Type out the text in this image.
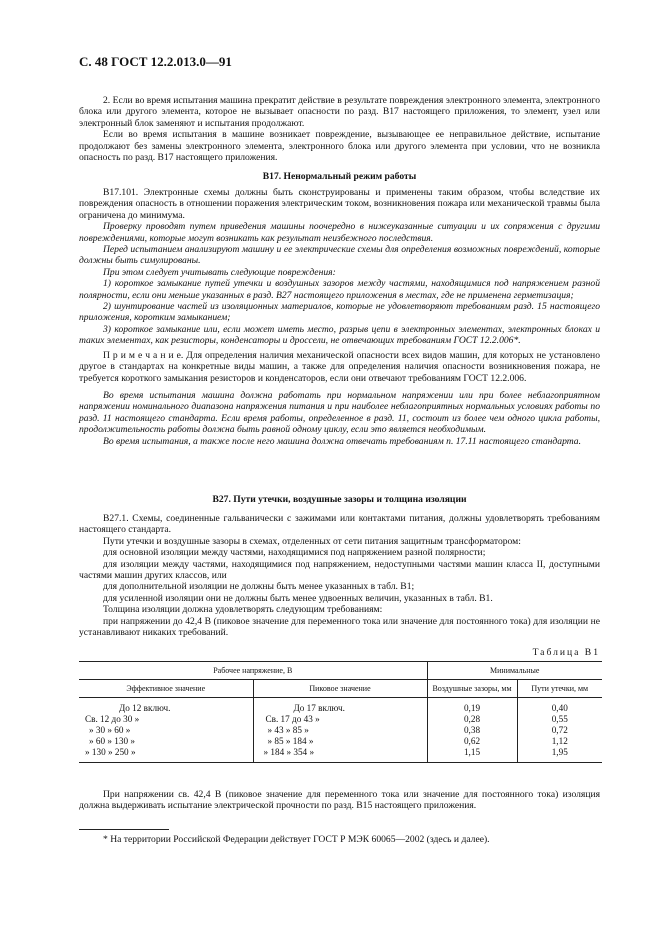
С. 48 ГОСТ 12.2.013.0—91

2. Если во время испытания машина прекратит действие в результате повреждения электронного элемента, электронного блока или другого элемента, которое не вызывает опасности по разд. В17 настоящего приложения, то элемент, узел или электронный блок заменяют и испытания продолжают.

Если во время испытания в машине возникает повреждение, вызывающее ее неправильное действие, испытание продолжают без замены электронного элемента, электронного блока или другого элемента при условии, что не возникла опасность по разд. В17 настоящего приложения.

В17. Ненормальный режим работы

В17.101. Электронные схемы должны быть сконструированы и применены таким образом, чтобы вследствие их повреждения опасность в отношении поражения электрическим током, возникновения пожара или механической травмы была ограничена до минимума.

Проверку проводят путем приведения машины поочередно в нижеуказанные ситуации и их сопряжения с другими повреждениями, которые могут возникать как результат неизбежного последствия.

Перед испытанием анализируют машину и ее электрические схемы для определения возможных повреждений, которые должны быть симулированы.

При этом следует учитывать следующие повреждения:

1) короткое замыкание путей утечки и воздушных зазоров между частями, находящимися под напряжением разной полярности, если они меньше указанных в разд. В27 настоящего приложения в местах, где не применена герметизация;

2) шунтирование частей из изоляционных материалов, которые не удовлетворяют требованиям разд. 15 настоящего приложения, коротким замыканием;

3) короткое замыкание или, если может иметь место, разрыв цепи в электронных элементах, электронных блоках и таких элементах, как резисторы, конденсаторы и дроссели, не отвечающих требованиям ГОСТ 12.2.006*.

П р и м е ч а н и е. Для определения наличия механической опасности всех видов машин, для которых не установлено другое в стандартах на конкретные виды машин, а также для определения наличия опасности возникновения пожара, не требуется короткого замыкания резисторов и конденсаторов, если они отвечают требованиям ГОСТ 12.2.006.

Во время испытания машина должна работать при нормальном напряжении или при более неблагоприятном напряжении номинального диапазона напряжения питания и при наиболее неблагоприятных нормальных условиях работы по разд. 11 настоящего стандарта. Если время работы, определенное в разд. 11, состоит из более чем одного цикла работы, продолжительность работы должна быть равной одному циклу, если это является необходимым.

Во время испытания, а также после него машина должна отвечать требованиям п. 17.11 настоящего стандарта.

В27. Пути утечки, воздушные зазоры и толщина изоляции

В27.1. Схемы, соединенные гальванически с зажимами или контактами питания, должны удовлетворять требованиям настоящего стандарта.

Пути утечки и воздушные зазоры в схемах, отделенных от сети питания защитным трансформатором:

для основной изоляции между частями, находящимися под напряжением разной полярности;

для изоляции между частями, находящимися под напряжением, недоступными частями машин класса II, доступными частями машин других классов, или

для дополнительной изоляции не должны быть менее указанных в табл. В1;

для усиленной изоляции они не должны быть менее удвоенных величин, указанных в табл. В1.

Толщина изоляции должна удовлетворять следующим требованиям:

при напряжении до 42,4 В (пиковое значение для переменного тока или значение для постоянного тока) для изоляции не устанавливают никаких требований.

Таблица В1
Рабочее напряжение, В		Минимальные	
Эффективное значение	Пиковое значение	Воздушные зазоры, мм	Пути утечки, мм
До 12 включ.	До 17 включ.	0,19	0,40
Св. 12 до 30 »	Св. 17 до 43 »	0,28	0,55
» 30 » 60 »	» 43 » 85 »	0,38	0,72
» 60 » 130 »	» 85 » 184 »	0,62	1,12
» 130 » 250 »	» 184 » 354 »	1,15	1,95

При напряжении св. 42,4 В (пиковое значение для переменного тока или значение для постоянного тока) изоляция должна выдерживать испытание электрической прочности по разд. В15 настоящего приложения.

* На территории Российской Федерации действует ГОСТ Р МЭК 60065—2002 (здесь и далее).
